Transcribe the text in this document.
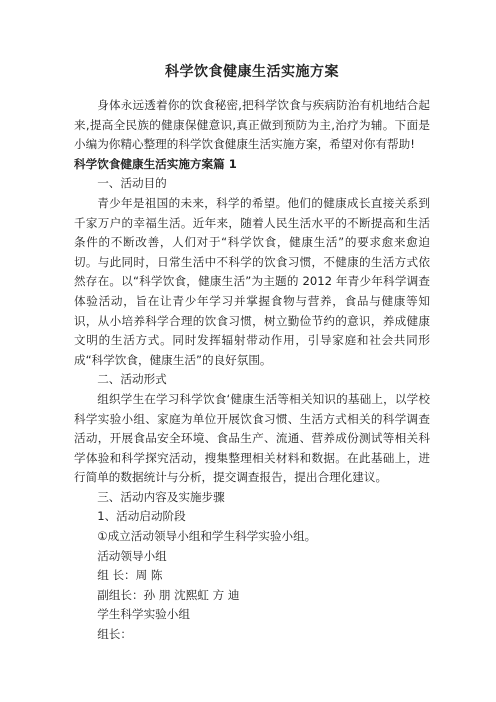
科学饮食健康生活实施方案

身体永远透着你的饮食秘密,把科学饮食与疾病防治有机地结合起来,提高全民族的健康保健意识,真正做到预防为主,治疗为辅。下面是小编为你精心整理的科学饮食健康生活实施方案，希望对你有帮助!

科学饮食健康生活实施方案篇 1

一、活动目的

青少年是祖国的未来，科学的希望。他们的健康成长直接关系到千家万户的幸福生活。近年来，随着人民生活水平的不断提高和生活条件的不断改善，人们对于“科学饮食，健康生活”的要求愈来愈迫切。与此同时，日常生活中不科学的饮食习惯，不健康的生活方式依然存在。以“科学饮食，健康生活”为主题的 2012 年青少年科学调查体验活动，旨在让青少年学习并掌握食物与营养，食品与健康等知识，从小培养科学合理的饮食习惯，树立勤俭节约的意识，养成健康文明的生活方式。同时发挥辐射带动作用，引导家庭和社会共同形成“科学饮食，健康生活”的良好氛围。

二、活动形式

组织学生在学习科学饮食‘健康生活等相关知识的基础上，以学校科学实验小组、家庭为单位开展饮食习惯、生活方式相关的科学调查活动，开展食品安全环境、食品生产、流通、营养成份测试等相关科学体验和科学探究活动，搜集整理相关材料和数据。在此基础上，进行简单的数据统计与分析，提交调查报告，提出合理化建议。

三、活动内容及实施步骤

1、活动启动阶段

①成立活动领导小组和学生科学实验小组。

活动领导小组

组 长：周 陈

副组长：孙 朋 沈熙虹 方 迪

学生科学实验小组

组长：
